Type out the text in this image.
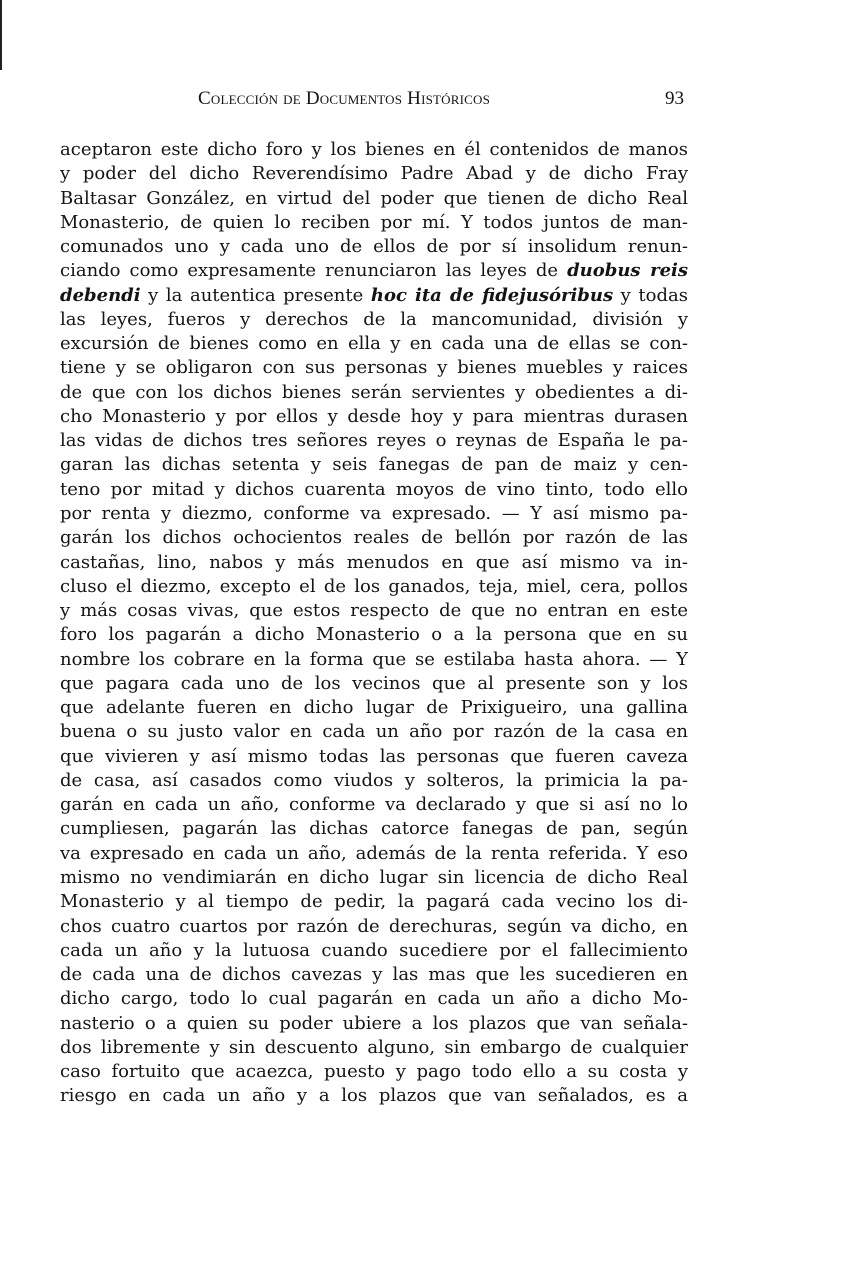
Colección de Documentos Históricos	93
aceptaron este dicho foro y los bienes en él contenidos de manos
y poder del dicho Reverendísimo Padre Abad y de dicho Fray
Baltasar González, en virtud del poder que tienen de dicho Real
Monasterio, de quien lo reciben por mí. Y todos juntos de man-
comunados uno y cada uno de ellos de por sí insolidum renun-
ciando como expresamente renunciaron las leyes de duobus reis
debendi y la autentica presente hoc ita de fidejusóribus y todas
las leyes, fueros y derechos de la mancomunidad, división y
excursión de bienes como en ella y en cada una de ellas se con-
tiene y se obligaron con sus personas y bienes muebles y raices
de que con los dichos bienes serán servientes y obedientes a di-
cho Monasterio y por ellos y desde hoy y para mientras durasen
las vidas de dichos tres señores reyes o reynas de España le pa-
garan las dichas setenta y seis fanegas de pan de maiz y cen-
teno por mitad y dichos cuarenta moyos de vino tinto, todo ello
por renta y diezmo, conforme va expresado. — Y así mismo pa-
garán los dichos ochocientos reales de bellón por razón de las
castañas, lino, nabos y más menudos en que así mismo va in-
cluso el diezmo, excepto el de los ganados, teja, miel, cera, pollos
y más cosas vivas, que estos respecto de que no entran en este
foro los pagarán a dicho Monasterio o a la persona que en su
nombre los cobrare en la forma que se estilaba hasta ahora. — Y
que pagara cada uno de los vecinos que al presente son y los
que adelante fueren en dicho lugar de Prixigueiro, una gallina
buena o su justo valor en cada un año por razón de la casa en
que vivieren y así mismo todas las personas que fueren caveza
de casa, así casados como viudos y solteros, la primicia la pa-
garán en cada un año, conforme va declarado y que si así no lo
cumpliesen, pagarán las dichas catorce fanegas de pan, según
va expresado en cada un año, además de la renta referida. Y eso
mismo no vendimiarán en dicho lugar sin licencia de dicho Real
Monasterio y al tiempo de pedir, la pagará cada vecino los di-
chos cuatro cuartos por razón de derechuras, según va dicho, en
cada un año y la lutuosa cuando sucediere por el fallecimiento
de cada una de dichos cavezas y las mas que les sucedieren en
dicho cargo, todo lo cual pagarán en cada un año a dicho Mo-
nasterio o a quien su poder ubiere a los plazos que van señala-
dos libremente y sin descuento alguno, sin embargo de cualquier
caso fortuito que acaezca, puesto y pago todo ello a su costa y
riesgo en cada un año y a los plazos que van señalados, es a
